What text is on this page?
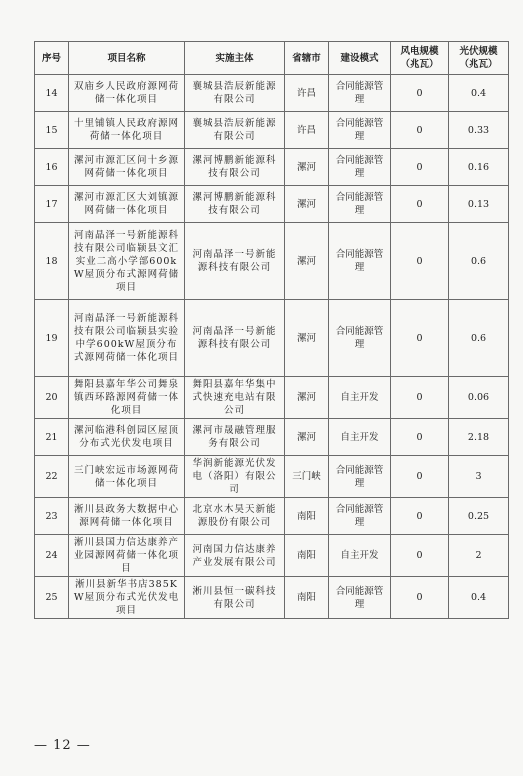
序号	项目名称	实施主体	省辖市	建设模式	风电规模（兆瓦）	光伏规模（兆瓦）
14	双庙乡人民政府源网荷储一体化项目	襄城县浩辰新能源有限公司	许昌	合同能源管理	0	0.4
15	十里铺镇人民政府源网荷储一体化项目	襄城县浩辰新能源有限公司	许昌	合同能源管理	0	0.33
16	漯河市源汇区问十乡源网荷储一体化项目	漯河博鹏新能源科技有限公司	漯河	合同能源管理	0	0.16
17	漯河市源汇区大刘镇源网荷储一体化项目	漯河博鹏新能源科技有限公司	漯河	合同能源管理	0	0.13
18	河南晶泽一号新能源科技有限公司临颍县文汇实业二高小学部600kW屋顶分布式源网荷储项目	河南晶泽一号新能源科技有限公司	漯河	合同能源管理	0	0.6
19	河南晶泽一号新能源科技有限公司临颍县实验中学600kW屋顶分布式源网荷储一体化项目	河南晶泽一号新能源科技有限公司	漯河	合同能源管理	0	0.6
20	舞阳县嘉年华公司舞泉镇西环路源网荷储一体化项目	舞阳县嘉年华集中式快速充电站有限公司	漯河	自主开发	0	0.06
21	漯河临港科创园区屋顶分布式光伏发电项目	漯河市晟融管理服务有限公司	漯河	自主开发	0	2.18
22	三门峡宏远市场源网荷储一体化项目	华润新能源光伏发电（洛阳）有限公司	三门峡	合同能源管理	0	3
23	淅川县政务大数据中心源网荷储一体化项目	北京水木昊天新能源股份有限公司	南阳	合同能源管理	0	0.25
24	淅川县国力信达康养产业园源网荷储一体化项目	河南国力信达康养产业发展有限公司	南阳	自主开发	0	2
25	淅川县新华书店385KW屋顶分布式光伏发电项目	淅川县恒一碳科技有限公司	南阳	合同能源管理	0	0.4
— 12 —
